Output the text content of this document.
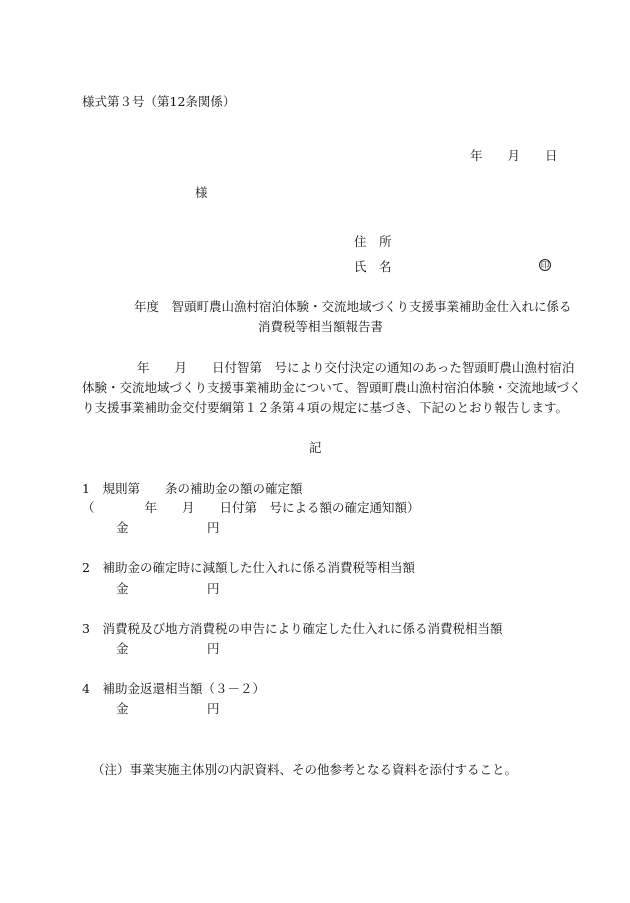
様式第３号（第12条関係）
年　　月　　日
様
住　所
氏　名	印
年度　智頭町農山漁村宿泊体験・交流地域づくり支援事業補助金仕入れに係る
消費税等相当額報告書
年　　月　　日付智第　号により交付決定の通知のあった智頭町農山漁村宿泊
体験・交流地域づくり支援事業補助金について、智頭町農山漁村宿泊体験・交流地域づく
り支援事業補助金交付要綱第１２条第４項の規定に基づき、下記のとおり報告します。
記
1　規則第　　条の補助金の額の確定額
（　　　　年　　月　　日付第　号による額の確定通知額）
金	円
2　補助金の確定時に減額した仕入れに係る消費税等相当額
金	円
3　消費税及び地方消費税の申告により確定した仕入れに係る消費税相当額
金	円
4　補助金返還相当額（３－２）
金	円
（注）事業実施主体別の内訳資料、その他参考となる資料を添付すること。
